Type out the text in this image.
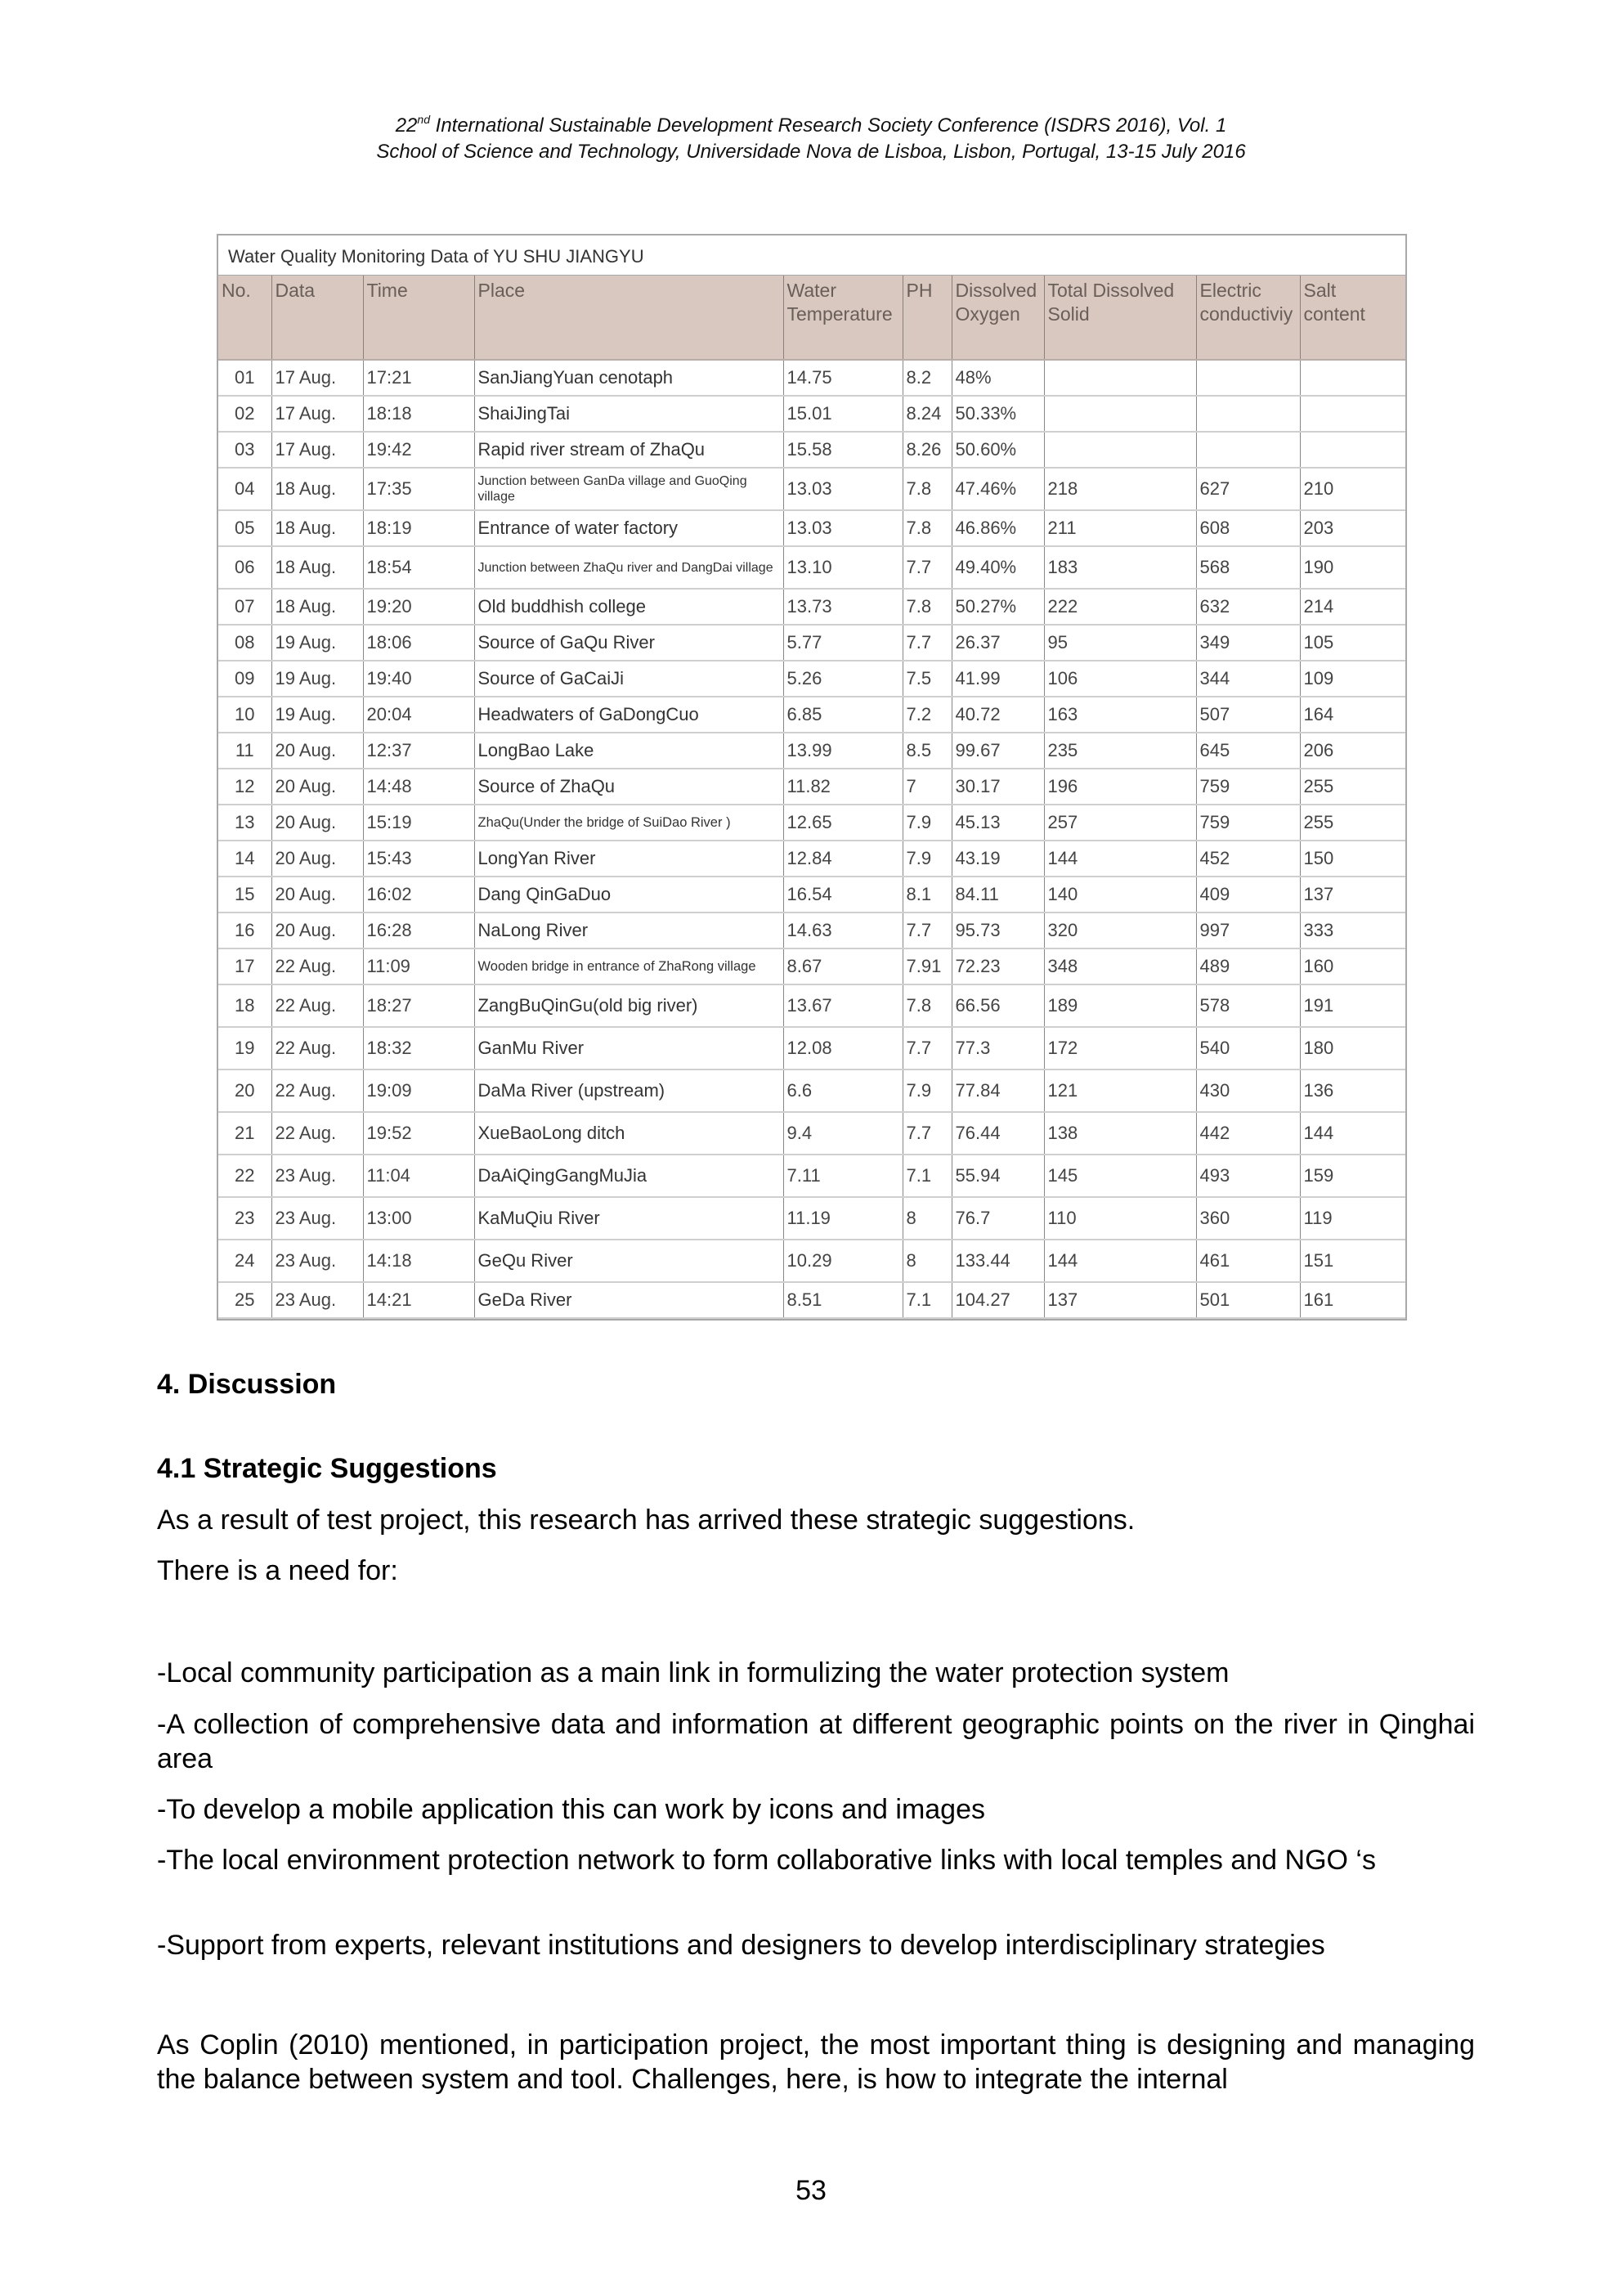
22nd International Sustainable Development Research Society Conference (ISDRS 2016), Vol. 1
School of Science and Technology, Universidade Nova de Lisboa, Lisbon, Portugal, 13-15 July 2016
Water Quality Monitoring Data of YU SHU JIANGYU
No.	Data	Time	Place	Water Temperature	PH	Dissolved Oxygen	Total Dissolved Solid	Electric conductiviy	Salt content
01	17 Aug.	17:21	SanJiangYuan cenotaph	14.75	8.2	48%			
02	17 Aug.	18:18	ShaiJingTai	15.01	8.24	50.33%			
03	17 Aug.	19:42	Rapid river stream of ZhaQu	15.58	8.26	50.60%			
04	18 Aug.	17:35	Junction between GanDa village and GuoQing village	13.03	7.8	47.46%	218	627	210
05	18 Aug.	18:19	Entrance of water factory	13.03	7.8	46.86%	211	608	203
06	18 Aug.	18:54	Junction between ZhaQu river and DangDai village	13.10	7.7	49.40%	183	568	190
07	18 Aug.	19:20	Old buddhish college	13.73	7.8	50.27%	222	632	214
08	19 Aug.	18:06	Source of GaQu River	5.77	7.7	26.37	95	349	105
09	19 Aug.	19:40	Source of GaCaiJi	5.26	7.5	41.99	106	344	109
10	19 Aug.	20:04	Headwaters of GaDongCuo	6.85	7.2	40.72	163	507	164
11	20 Aug.	12:37	LongBao Lake	13.99	8.5	99.67	235	645	206
12	20 Aug.	14:48	Source of ZhaQu	11.82	7	30.17	196	759	255
13	20 Aug.	15:19	ZhaQu(Under the bridge of SuiDao River )	12.65	7.9	45.13	257	759	255
14	20 Aug.	15:43	LongYan River	12.84	7.9	43.19	144	452	150
15	20 Aug.	16:02	Dang QinGaDuo	16.54	8.1	84.11	140	409	137
16	20 Aug.	16:28	NaLong River	14.63	7.7	95.73	320	997	333
17	22 Aug.	11:09	Wooden bridge in entrance of ZhaRong village	8.67	7.91	72.23	348	489	160
18	22 Aug.	18:27	ZangBuQinGu(old big river)	13.67	7.8	66.56	189	578	191
19	22 Aug.	18:32	GanMu River	12.08	7.7	77.3	172	540	180
20	22 Aug.	19:09	DaMa River (upstream)	6.6	7.9	77.84	121	430	136
21	22 Aug.	19:52	XueBaoLong ditch	9.4	7.7	76.44	138	442	144
22	23 Aug.	11:04	DaAiQingGangMuJia	7.11	7.1	55.94	145	493	159
23	23 Aug.	13:00	KaMuQiu River	11.19	8	76.7	110	360	119
24	23 Aug.	14:18	GeQu River	10.29	8	133.44	144	461	151
25	23 Aug.	14:21	GeDa River	8.51	7.1	104.27	137	501	161
4. Discussion
4.1 Strategic Suggestions
As a result of test project, this research has arrived these strategic suggestions.
There is a need for:
-Local community participation as a main link in formulizing the water protection system
-A collection of comprehensive data and information at different geographic points on the river in Qinghai area
-To develop a mobile application this can work by icons and images
-The local environment protection network to form collaborative links with local temples and NGO ‘s
-Support from experts, relevant institutions and designers to develop interdisciplinary strategies
As Coplin (2010) mentioned, in participation project, the most important thing is designing and managing the balance between system and tool. Challenges, here, is how to integrate the internal
53
